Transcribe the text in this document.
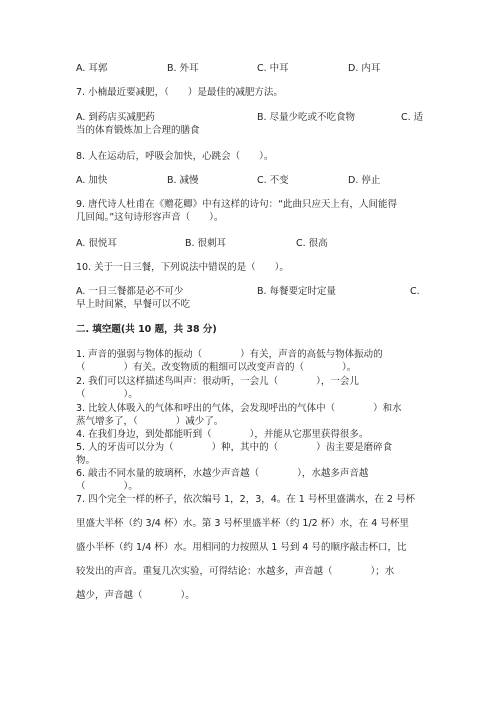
A. 耳郭	B. 外耳	C. 中耳	D. 内耳
7. 小楠最近要减肥，（　　）是最佳的减肥方法。
A. 到药店买减肥药	B. 尽量少吃或不吃食物	C. 适
当的体育锻炼加上合理的膳食
8. 人在运动后，呼吸会加快，心跳会（　　）。
A. 加快	B. 减慢	C. 不变	D. 停止
9. 唐代诗人杜甫在《赠花卿》中有这样的诗句：“此曲只应天上有，人间能得
几回闻。”这句诗形容声音（　　）。
A. 很悦耳	B. 很刺耳	C. 很高
10. 关于一日三餐，下列说法中错误的是（　　）。
A. 一日三餐都是必不可少	B. 每餐要定时定量	C.
早上时间紧，早餐可以不吃
二. 填空题(共 10 题，共 38 分)
1. 声音的强弱与物体的振动（　　　　）有关，声音的高低与物体振动的
（　　　　）有关。改变物质的粗细可以改变声音的（　　　　）。
2. 我们可以这样描述鸟叫声：很动听，一会儿（　　　　），一会儿
（　　　　）。
3. 比较人体吸入的气体和呼出的气体，会发现呼出的气体中（　　　　）和水
蒸气增多了，（　　　　）减少了。
4. 在我们身边，到处都能听到（　　　　），并能从它那里获得很多。
5. 人的牙齿可以分为（　　　　）种，其中的（　　　　）齿主要是磨碎食
物。
6. 敲击不同水量的玻璃杯，水越少声音越（　　　　），水越多声音越
（　　　　）。
7. 四个完全一样的杯子，依次编号 1，2，3，4。在 1 号杯里盛满水，在 2 号杯
里盛大半杯（约 3/4 杯）水。第 3 号杯里盛半杯（约 1/2 杯）水，在 4 号杯里
盛小半杯（约 1/4 杯）水。用相同的力按照从 1 号到 4 号的顺序敲击杯口，比
较发出的声音。重复几次实验，可得结论：水越多，声音越（　　　　）；水
越少，声音越（　　　　）。
